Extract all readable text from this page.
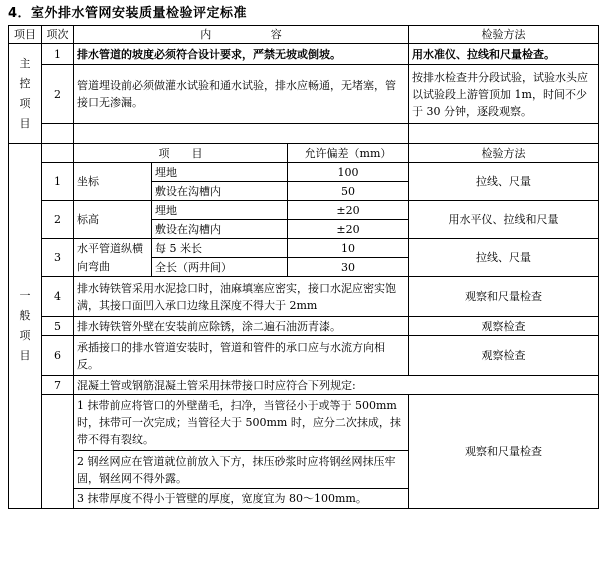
4．室外排水管网安装质量检验评定标准
项目	项次	内                 容			检验方法

主
控
项
目	1	排水管道的坡度必须符合设计要求，严禁无坡或倒坡。			用水准仪、拉线和尺量检查。
	2	管道埋设前必须做灌水试验和通水试验，排水应畅通，无堵塞，管接口无渗漏。			按排水检查井分段试验，试验水头应以试验段上游管顶加 1m，时间不少于 30 分钟，逐段观察。

一
般
项
目		项　　目		允许偏差（mm）	检验方法
	1	坐标	埋地	100	拉线、尺量
			敷设在沟槽内	50	
	2	标高	埋地	±20	用水平仪、拉线和尺量
			敷设在沟槽内	±20	
	3	水平管道纵横向弯曲	每 5 米长	10	拉线、尺量
			全长（两井间）	30	
	4	排水铸铁管采用水泥捻口时，油麻填塞应密实，接口水泥应密实饱满，其接口面凹入承口边缘且深度不得大于 2mm			观察和尺量检查
	5	排水铸铁管外壁在安装前应除锈，涂二遍石油沥青漆。			观察检查
	6	承插接口的排水管道安装时，管道和管件的承口应与水流方向相反。			观察检查
	7	混凝土管或钢筋混凝土管采用抹带接口时应符合下列规定:			
		1 抹带前应将管口的外壁凿毛，扫净，当管径小于或等于 500mm 时，抹带可一次完成；当管径大于 500mm 时，应分二次抹成，抹带不得有裂纹。			观察和尺量检查
		2 钢丝网应在管道就位前放入下方，抹压砂浆时应将钢丝网抹压牢固，钢丝网不得外露。			
		3 抹带厚度不得小于管壁的厚度，宽度宜为 80～100mm。			
